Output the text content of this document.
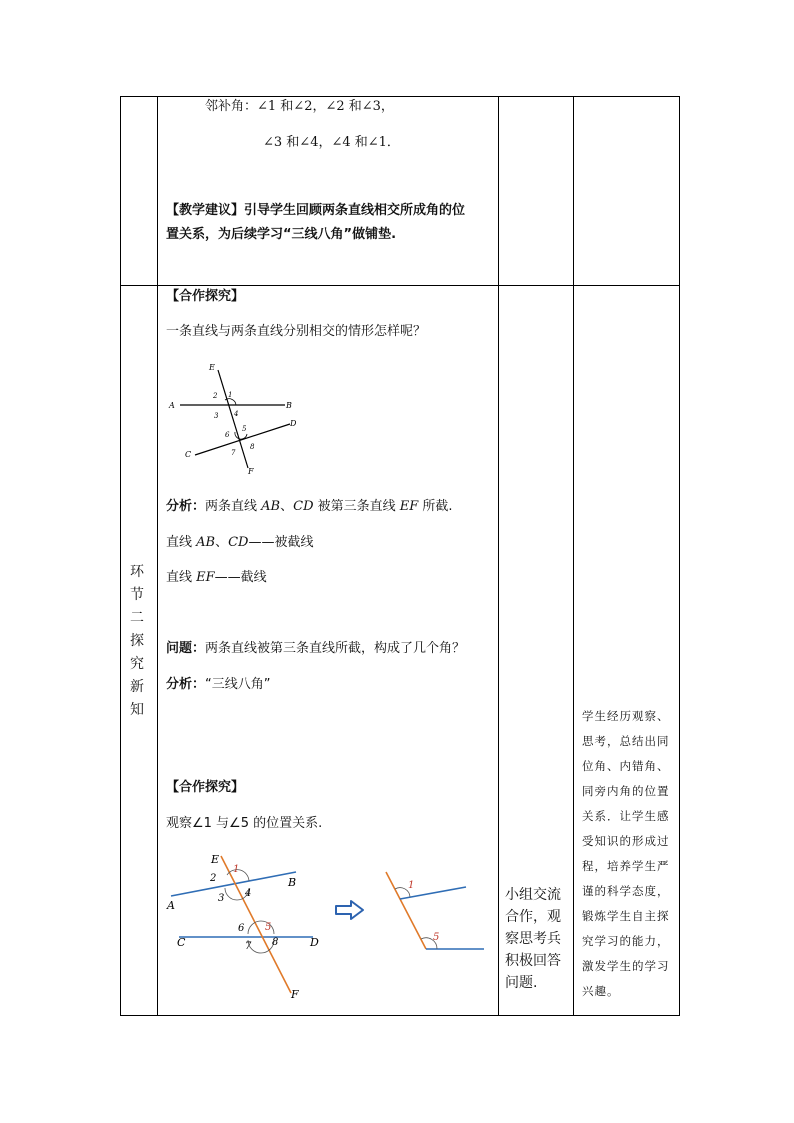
邻补角：∠1 和∠2，∠2 和∠3，
∠3 和∠4，∠4 和∠1．
【教学建议】引导学生回顾两条直线相交所成角的位
置关系，为后续学习“三线八角”做铺垫.
环
节
二
探
究
新
知
【合作探究】
一条直线与两条直线分别相交的情形怎样呢？
E
F
A	B
C
D
1
2
3 4
5
6
7
8
分析：两条直线 AB、CD 被第三条直线 EF 所截.
直线 AB、CD——被截线
直线 EF——截线
问题：两条直线被第三条直线所截，构成了几个角？
分析：“三线八角”
【合作探究】
观察∠1 与∠5 的位置关系.
E
F
A
B
C	D
1
2
3 4
5
6
7 8
1
5
小组交流合作，观察思考兵积极回答问题.
学生经历观察、思考，总结出同位角、内错角、同旁内角的位置关系．让学生感受知识的形成过程，培养学生严谨的科学态度，锻炼学生自主探究学习的能力，激发学生的学习兴趣。
